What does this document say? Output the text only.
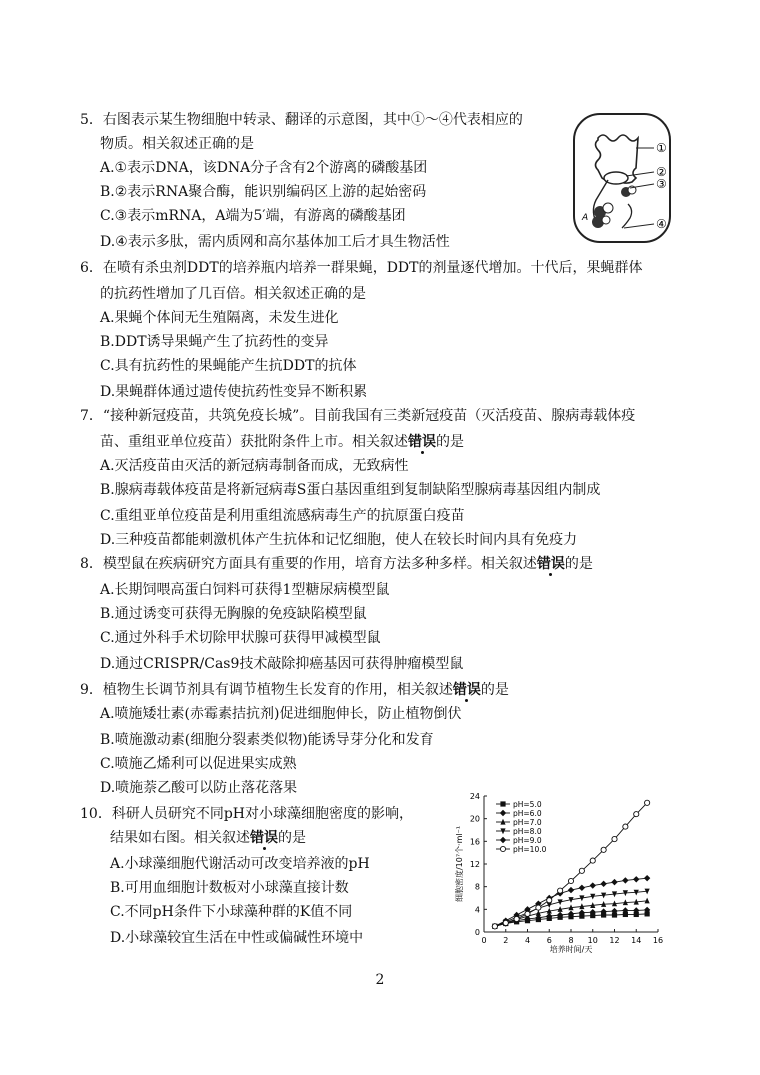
5．右图表示某生物细胞中转录、翻译的示意图，其中①～④代表相应的
物质。相关叙述正确的是
A.①表示DNA，该DNA分子含有2个游离的磷酸基团
B.②表示RNA聚合酶，能识别编码区上游的起始密码
C.③表示mRNA，A端为5′端，有游离的磷酸基团
D.④表示多肽，需内质网和高尔基体加工后才具生物活性
①
②
③
④
A
6．在喷有杀虫剂DDT的培养瓶内培养一群果蝇，DDT的剂量逐代增加。十代后，果蝇群体
的抗药性增加了几百倍。相关叙述正确的是
A.果蝇个体间无生殖隔离，未发生进化
B.DDT诱导果蝇产生了抗药性的变异
C.具有抗药性的果蝇能产生抗DDT的抗体
D.果蝇群体通过遗传使抗药性变异不断积累
7．“接种新冠疫苗，共筑免疫长城”。目前我国有三类新冠疫苗（灭活疫苗、腺病毒载体疫
苗、重组亚单位疫苗）获批附条件上市。相关叙述错误的是
A.灭活疫苗由灭活的新冠病毒制备而成，无致病性
B.腺病毒载体疫苗是将新冠病毒S蛋白基因重组到复制缺陷型腺病毒基因组内制成
C.重组亚单位疫苗是利用重组流感病毒生产的抗原蛋白疫苗
D.三种疫苗都能刺激机体产生抗体和记忆细胞，使人在较长时间内具有免疫力
8．模型鼠在疾病研究方面具有重要的作用，培育方法多种多样。相关叙述错误的是
A.长期饲喂高蛋白饲料可获得1型糖尿病模型鼠
B.通过诱变可获得无胸腺的免疫缺陷模型鼠
C.通过外科手术切除甲状腺可获得甲减模型鼠
D.通过CRISPR/Cas9技术敲除抑癌基因可获得肿瘤模型鼠
9．植物生长调节剂具有调节植物生长发育的作用，相关叙述错误的是
A.喷施矮壮素(赤霉素拮抗剂)促进细胞伸长，防止植物倒伏
B.喷施激动素(细胞分裂素类似物)能诱导芽分化和发育
C.喷施乙烯利可以促进果实成熟
D.喷施萘乙酸可以防止落花落果
10．科研人员研究不同pH对小球藻细胞密度的影响，
结果如右图。相关叙述错误的是
A.小球藻细胞代谢活动可改变培养液的pH
B.可用血细胞计数板对小球藻直接计数
C.不同pH条件下小球藻种群的K值不同
D.小球藻较宜生活在中性或偏碱性环境中	0 2 4 6 8 10 12 14 16
0
4
8
12
16
20
24
培养时间/天
细胞密度/10⁷个·ml⁻¹
pH=5.0
pH=6.0
pH=7.0
pH=8.0
pH=9.0
pH=10.0
2
